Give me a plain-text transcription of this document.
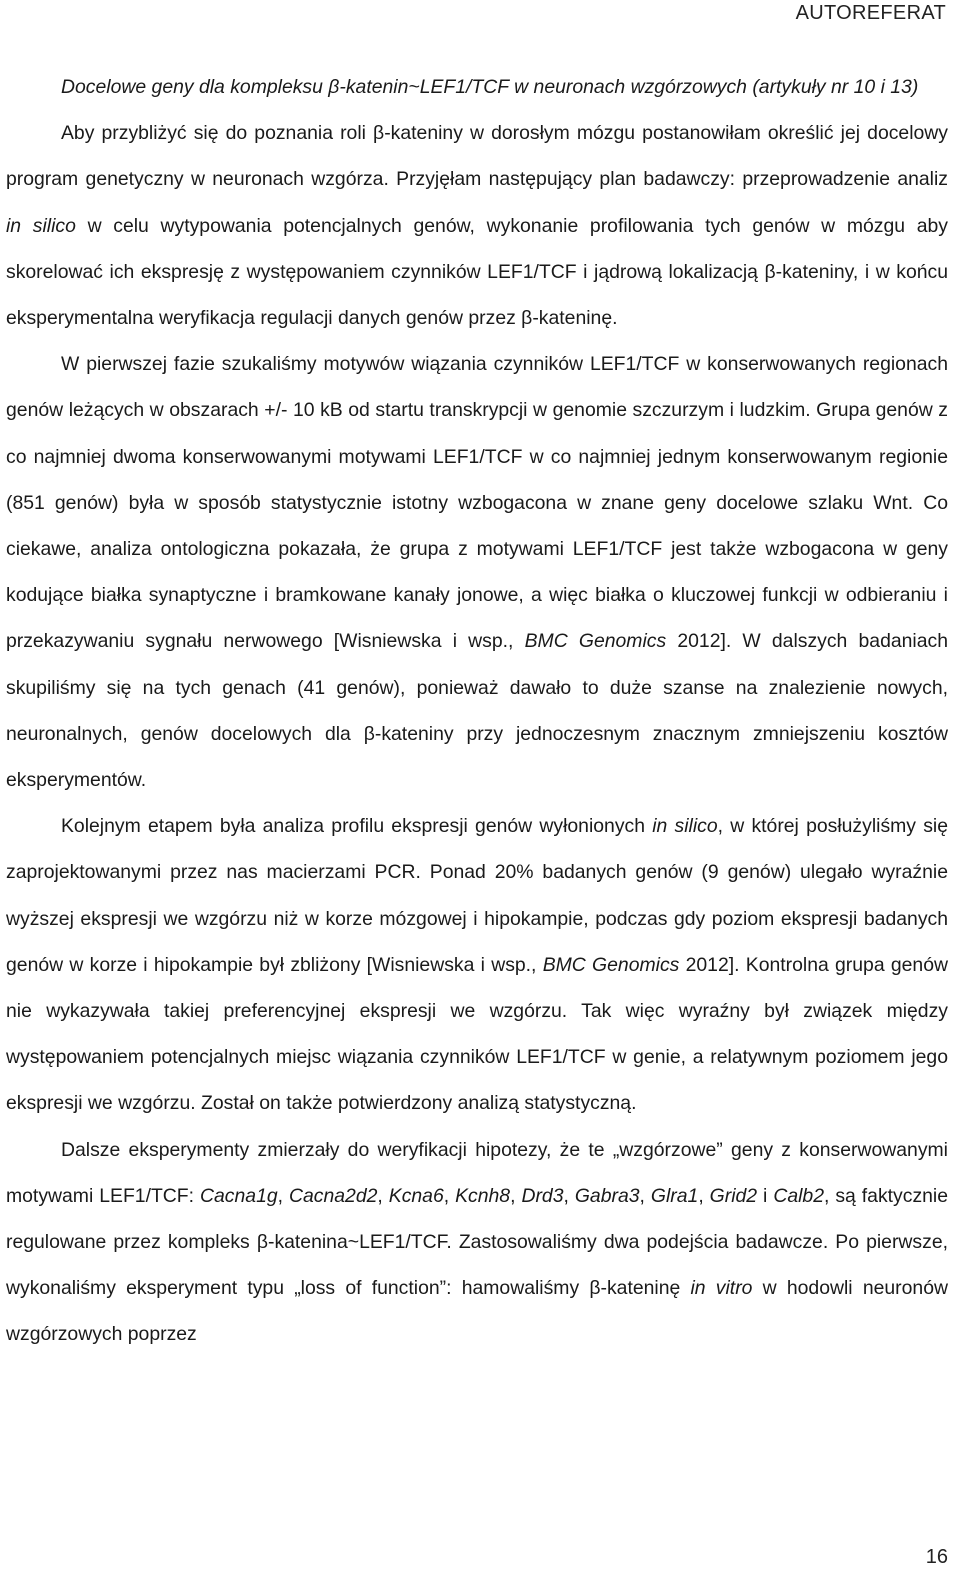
AUTOREFERAT

Docelowe geny dla kompleksu β-katenin~LEF1/TCF w neuronach wzgórzowych (artykuły nr 10 i 13)

Aby przybliżyć się do poznania roli β-kateniny w dorosłym mózgu postanowiłam określić jej docelowy program genetyczny w neuronach wzgórza. Przyjęłam następujący plan badawczy: przeprowadzenie analiz in silico w celu wytypowania potencjalnych genów, wykonanie profilowania tych genów w mózgu aby skorelować ich ekspresję z występowaniem czynników LEF1/TCF i jądrową lokalizacją β-kateniny, i w końcu eksperymentalna weryfikacja regulacji danych genów przez β-kateninę.

W pierwszej fazie szukaliśmy motywów wiązania czynników LEF1/TCF w konserwowanych regionach genów leżących w obszarach +/- 10 kB od startu transkrypcji w genomie szczurzym i ludzkim. Grupa genów z co najmniej dwoma konserwowanymi motywami LEF1/TCF w co najmniej jednym konserwowanym regionie (851 genów) była w sposób statystycznie istotny wzbogacona w znane geny docelowe szlaku Wnt. Co ciekawe, analiza ontologiczna pokazała, że grupa z motywami LEF1/TCF jest także wzbogacona w geny kodujące białka synaptyczne i bramkowane kanały jonowe, a więc białka o kluczowej funkcji w odbieraniu i przekazywaniu sygnału nerwowego [Wisniewska i wsp., BMC Genomics 2012]. W dalszych badaniach skupiliśmy się na tych genach (41 genów), ponieważ dawało to duże szanse na znalezienie nowych, neuronalnych, genów docelowych dla β-kateniny przy jednoczesnym znacznym zmniejszeniu kosztów eksperymentów.

Kolejnym etapem była analiza profilu ekspresji genów wyłonionych in silico, w której posłużyliśmy się zaprojektowanymi przez nas macierzami PCR. Ponad 20% badanych genów (9 genów) ulegało wyraźnie wyższej ekspresji we wzgórzu niż w korze mózgowej i hipokampie, podczas gdy poziom ekspresji badanych genów w korze i hipokampie był zbliżony [Wisniewska i wsp., BMC Genomics 2012]. Kontrolna grupa genów nie wykazywała takiej preferencyjnej ekspresji we wzgórzu. Tak więc wyraźny był związek między występowaniem potencjalnych miejsc wiązania czynników LEF1/TCF w genie, a relatywnym poziomem jego ekspresji we wzgórzu. Został on także potwierdzony analizą statystyczną.

Dalsze eksperymenty zmierzały do weryfikacji hipotezy, że te „wzgórzowe” geny z konserwowanymi motywami LEF1/TCF: Cacna1g, Cacna2d2, Kcna6, Kcnh8, Drd3, Gabra3, Glra1, Grid2 i Calb2, są faktycznie regulowane przez kompleks β-katenina~LEF1/TCF. Zastosowaliśmy dwa podejścia badawcze. Po pierwsze, wykonaliśmy eksperyment typu „loss of function”: hamowaliśmy β-kateninę in vitro w hodowli neuronów wzgórzowych poprzez

16
